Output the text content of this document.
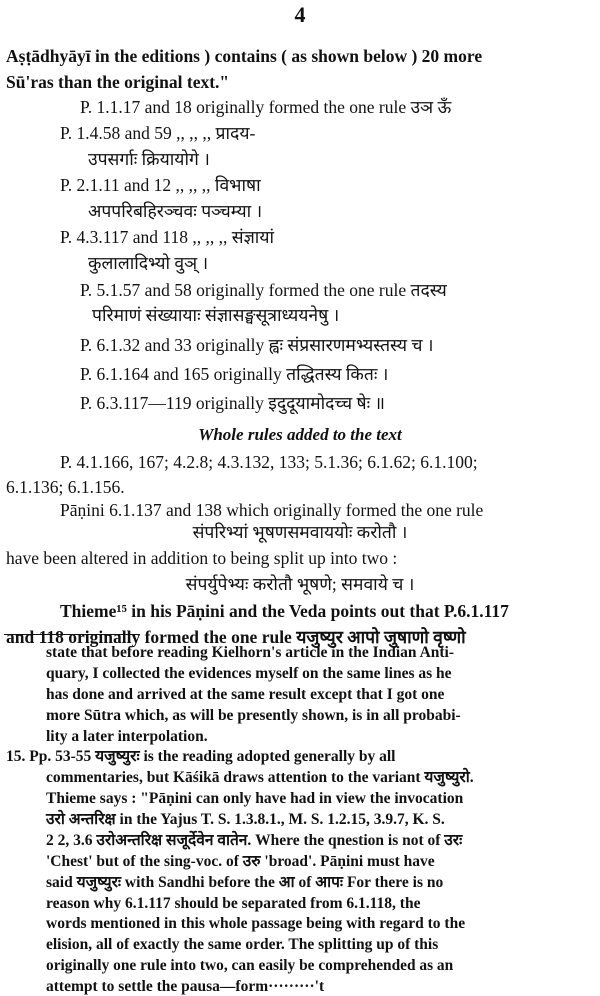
4
Aṣṭādhyāyī in the editions ) contains ( as shown below ) 20 more
Sū'ras than the original text."
P. 1.1.17 and 18 originally formed the one rule उञ ऊँ
P. 1.4.58 and 59 ,, ,, ,, प्रादय-
उपसर्गाः क्रियायोगे ।
P. 2.1.11 and 12 ,, ,, ,, विभाषा
अपपरिबहिरञ्चवः पञ्चम्या ।
P. 4.3.117 and 118 ,, ,, ,, संज्ञायां
कुलालादिभ्यो वुञ् ।
P. 5.1.57 and 58 originally formed the one rule तदस्य
परिमाणं संख्यायाः संज्ञासङ्घसूत्राध्ययनेषु ।
P. 6.1.32 and 33 originally ह्वः संप्रसारणमभ्यस्तस्य च ।
P. 6.1.164 and 165 originally तद्धितस्य कितः ।
P. 6.3.117—119 originally इदुदूयामोदच्च षेः ॥
Whole rules added to the text
P. 4.1.166, 167; 4.2.8; 4.3.132, 133; 5.1.36; 6.1.62; 6.1.100;
6.1.136; 6.1.156.
Pāṇini 6.1.137 and 138 which originally formed the one rule
संपरिभ्यां भूषणसमवाययोः करोतौ ।
have been altered in addition to being split up into two :
संपर्युपेभ्यः करोतौ भूषणे; समवाये च ।
Thieme¹⁵ in his Pāṇini and the Veda points out that P.6.1.117
and 118 originally formed the one rule यजुष्युर आपो जुषाणो वृष्णो
state that before reading Kielhorn's article in the Indian Anti-
quary, I collected the evidences myself on the same lines as he
has done and arrived at the same result except that I got one
more Sūtra which, as will be presently shown, is in all probabi-
lity a later interpolation.
15. Pp. 53-55 यजुष्युरः is the reading adopted generally by all
commentaries, but Kāśikā draws attention to the variant यजुष्युरो.
Thieme says : "Pāṇini can only have had in view the invocation
उरो अन्तरिक्ष in the Yajus T. S. 1.3.8.1., M. S. 1.2.15, 3.9.7, K. S.
2 2, 3.6 उरोअन्तरिक्ष सजूर्देवेन वातेन. Where the qnestion is not of उरः
'Chest' but of the sing-voc. of उरु 'broad'. Pāṇini must have
said यजुष्युरः with Sandhi before the आ of आपः For there is no
reason why 6.1.117 should be separated from 6.1.118, the
words mentioned in this whole passage being with regard to the
elision, all of exactly the same order. The splitting up of this
originally one rule into two, can easily be comprehended as an
attempt to settle the pausa—form·········'t
